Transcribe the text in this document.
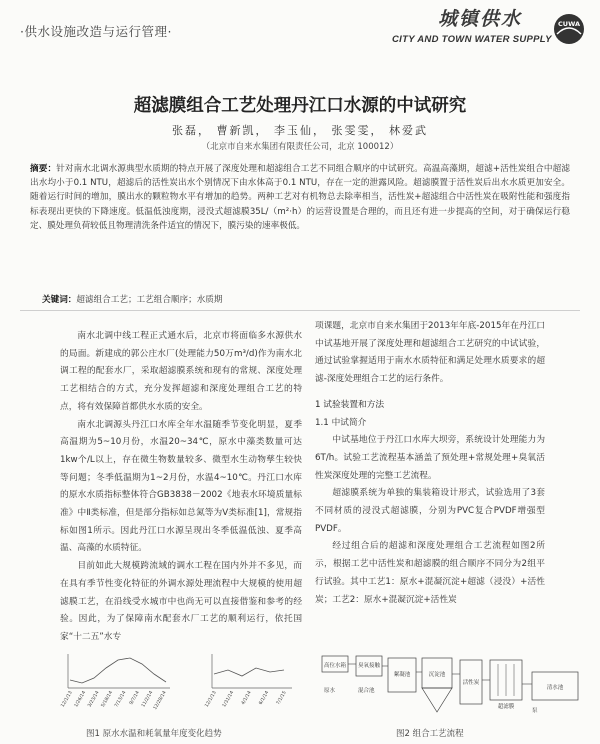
·供水设施改造与运行管理·
城镇供水
CITY AND TOWN WATER SUPPLY
CUWA
超滤膜组合工艺处理丹江口水源的中试研究
张磊， 曹新凯， 李玉仙， 张雯雯， 林爱武
（北京市自来水集团有限责任公司，北京 100012）
摘要：针对南水北调水源典型水质期的特点开展了深度处理和超滤组合工艺不同组合顺序的中试研究。高温高藻期，超滤+活性炭组合中超滤出水均小于0.1 NTU，超滤后的活性炭出水个别情况下由水体高于0.1 NTU，存在一定的泄露风险。超滤膜置于活性炭后出水水质更加安全。随着运行时间的增加，膜出水的颗粒物水平有增加的趋势。两种工艺对有机物总去除率相当，活性炭+超滤组合中活性炭在吸附性能和强度指标表现出更快的下降速度。低温低浊度期，浸没式超滤膜35L/（m²·h）的运营设置是合理的，而且还有进一步提高的空间，对于确保运行稳定、膜处理负荷较低且物理清洗条件适宜的情况下，膜污染的速率极低。
关键词：超滤组合工艺；工艺组合顺序；水质期

南水北调中线工程正式通水后，北京市将面临多水源供水的局面。新建成的郭公庄水厂(处理能力50万m³/d)作为南水北调工程的配套水厂，采取超滤膜系统和现有的常规、深度处理工艺相结合的方式，充分发挥超滤和深度处理组合工艺的特点，将有效保障首都供水水质的安全。

南水北调源头丹江口水库全年水温随季节变化明显，夏季高温期为5~10月份，水温20~34℃，原水中藻类数量可达1kw个/L以上，存在微生物数量较多、微型水生动物孳生较快等问题；冬季低温期为1~2月份，水温4~10℃。丹江口水库的原水水质指标整体符合GB3838－2002《地表水环境质量标准》中Ⅱ类标准，但是部分指标如总氮等为Ⅴ类标准[1]，常规指标如图1所示。因此丹江口水源呈现出冬季低温低浊、夏季高温、高藻的水质特征。

目前如此大规模跨流域的调水工程在国内外并不多见，而在具有季节性变化特征的外调水源处理流程中大规模的使用超滤膜工艺，在沿线受水城市中也尚无可以直接借鉴和参考的经验。因此，为了保障南水配套水厂工艺的顺利运行，依托国家“十二五”水专

项课题，北京市自来水集团于2013年年底-2015年在丹江口中试基地开展了深度处理和超滤组合工艺研究的中试试验，通过试验掌握适用于南水水质特征和满足处理水质要求的超滤-深度处理组合工艺的运行条件。

1 试验装置和方法

1.1 中试简介

中试基地位于丹江口水库大坝旁，系统设计处理能力为6T/h。试验工艺流程基本涵盖了预处理+常规处理+臭氧活性炭深度处理的完整工艺流程。

超滤膜系统为单独的集装箱设计形式，试验选用了3套不同材质的浸没式超滤膜，分别为PVC复合PVDF增强型PVDF。

经过组合后的超滤和深度处理组合工艺流程如图2所示，根据工艺中活性炭和超滤膜的组合顺序不同分为2组平行试验。其中工艺1：原水+混凝沉淀+超滤（浸没）+活性炭；工艺2：原水+混凝沉淀+活性炭

12/1/13 1/26/14 3/23/14 5/18/14 7/13/14 9/7/14 11/2/14
12/28/14	12/1/13 1/31/14 4/1/14 6/1/14 7/1/15
图1 原水水温和耗氧量年度变化趋势
高位水箱 臭氧接触
絮凝池	沉淀池
活性炭
超滤膜
清水池
原水	混合池
泵
图2 组合工艺流程
